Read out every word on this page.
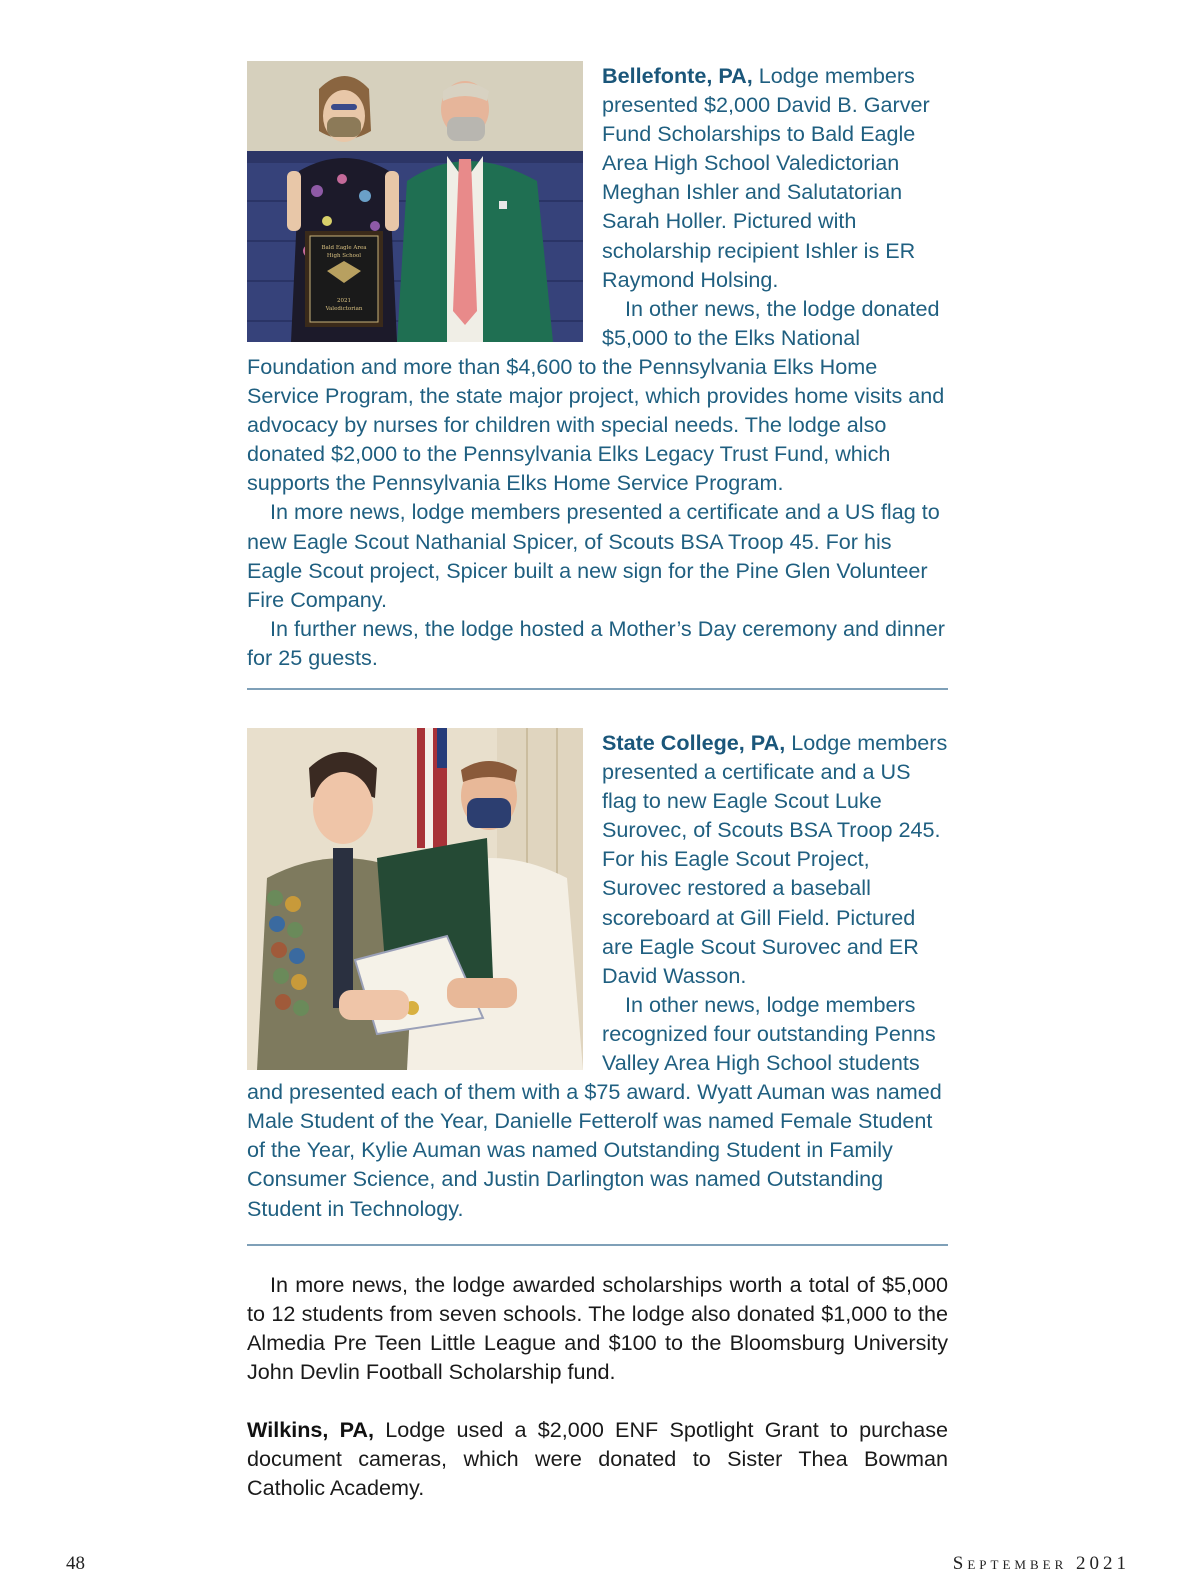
Bald Eagle Area
High School
2021
Valedictorian

Bellefonte, PA, Lodge members presented $2,000 David B. Garver Fund Scholarships to Bald Eagle Area High School Valedictorian Meghan Ishler and Salutatorian Sarah Holler. Pictured with scholarship recipient Ishler is ER Raymond Holsing.
In other news, the lodge donated $5,000 to the Elks National Foundation and more than $4,600 to the Pennsylvania Elks Home Service Program, the state major project, which provides home visits and advocacy by nurses for children with special needs. The lodge also donated $2,000 to the Pennsylvania Elks Legacy Trust Fund, which supports the Pennsylvania Elks Home Service Program.
In more news, lodge members presented a certificate and a US flag to new Eagle Scout Nathanial Spicer, of Scouts BSA Troop 45. For his Eagle Scout project, Spicer built a new sign for the Pine Glen Volunteer Fire Company.
In further news, the lodge hosted a Mother’s Day ceremony and dinner for 25 guests.

State College, PA, Lodge members presented a certificate and a US flag to new Eagle Scout Luke Surovec, of Scouts BSA Troop 245. For his Eagle Scout Project, Surovec restored a baseball scoreboard at Gill Field. Pictured are Eagle Scout Surovec and ER David Wasson.
In other news, lodge members recognized four outstanding Penns Valley Area High School students and presented each of them with a $75 award. Wyatt Auman was named Male Student of the Year, Danielle Fetterolf was named Female Student of the Year, Kylie Auman was named Outstanding Student in Family Consumer Science, and Justin Darlington was named Outstanding Student in Technology.

In more news, the lodge awarded scholarships worth a total of $5,000 to 12 students from seven schools. The lodge also donated $1,000 to the Almedia Pre Teen Little League and $100 to the Bloomsburg University John Devlin Football Scholarship fund.

Wilkins, PA, Lodge used a $2,000 ENF Spotlight Grant to purchase document cameras, which were donated to Sister Thea Bowman Catholic Academy.

48	September 2021
